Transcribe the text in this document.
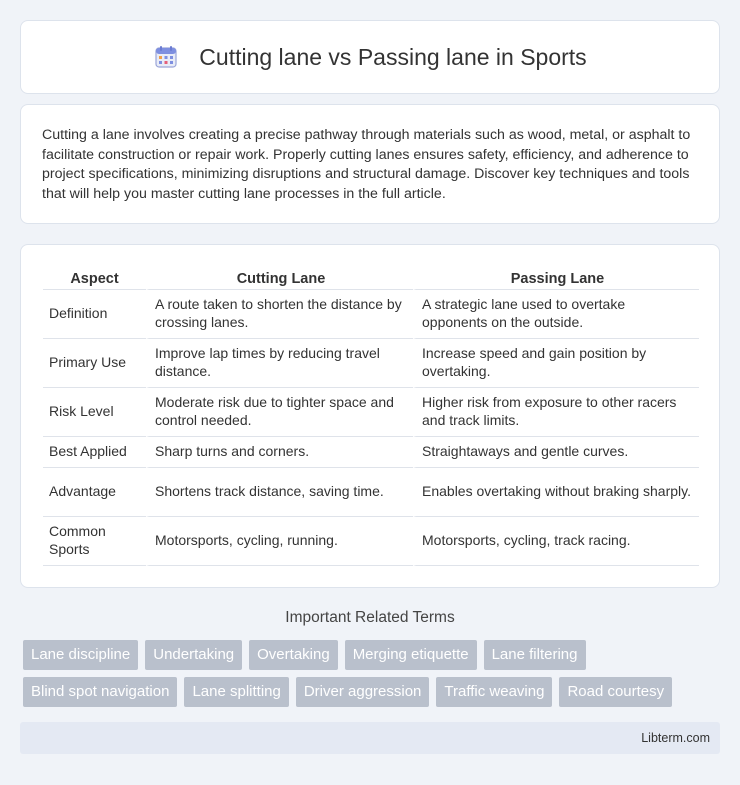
Cutting lane vs Passing lane in Sports

Cutting a lane involves creating a precise pathway through materials such as wood, metal, or asphalt to facilitate construction or repair work. Properly cutting lanes ensures safety, efficiency, and adherence to project specifications, minimizing disruptions and structural damage. Discover key techniques and tools that will help you master cutting lane processes in the full article.

Aspect	Cutting Lane	Passing Lane
Definition	A route taken to shorten the distance by crossing lanes.	A strategic lane used to overtake opponents on the outside.
Primary Use	Improve lap times by reducing travel distance.	Increase speed and gain position by overtaking.
Risk Level	Moderate risk due to tighter space and control needed.	Higher risk from exposure to other racers and track limits.
Best Applied	Sharp turns and corners.	Straightaways and gentle curves.
Advantage	Shortens track distance, saving time.	Enables overtaking without braking sharply.
Common Sports	Motorsports, cycling, running.	Motorsports, cycling, track racing.
Important Related Terms
Lane discipline	Undertaking	Overtaking	Merging etiquette	Lane filtering
Blind spot navigation	Lane splitting	Driver aggression	Traffic weaving	Road courtesy
Libterm.com
